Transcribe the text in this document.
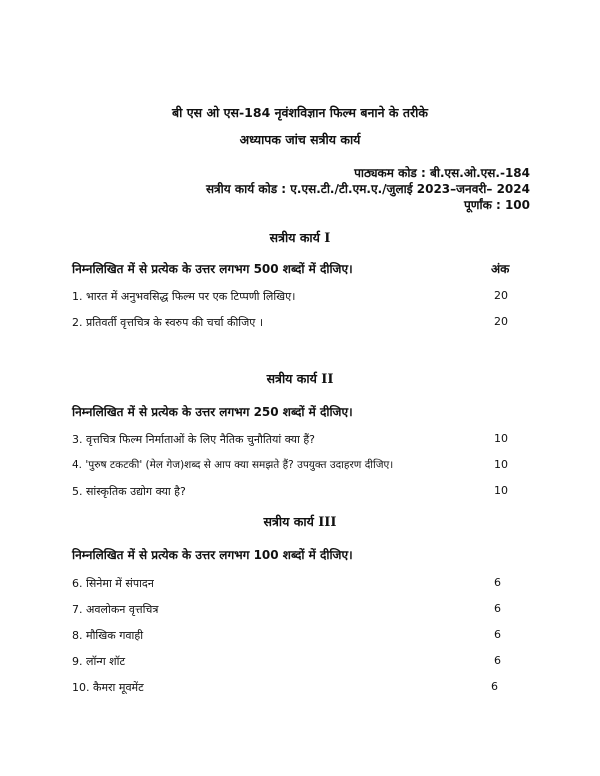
बी एस ओ एस-184 नृवंशविज्ञान फिल्म बनाने के तरीके
अध्यापक जांच सत्रीय कार्य
पाठ्यकम कोड : बी.एस.ओ.एस.-184
सत्रीय कार्य कोड : ए.एस.टी./टी.एम.ए./जुलाई 2023–जनवरी– 2024
पूर्णांक : 100
सत्रीय कार्य I
निम्नलिखित में से प्रत्येक के उत्तर लगभग 500 शब्दों में दीजिए।	अंक
1. भारत में अनुभवसिद्ध फिल्म पर एक टिप्पणी लिखिए।	20
2. प्रतिवर्ती वृत्तचित्र के स्वरुप की चर्चा कीजिए ।	20
सत्रीय कार्य II
निम्नलिखित में से प्रत्येक के उत्तर लगभग 250 शब्दों में दीजिए।
3. वृत्तचित्र फिल्म निर्माताओं के लिए नैतिक चुनौतियां क्या हैं?	10
4. 'पुरुष टकटकी' (मेल गेज)शब्द से आप क्या समझते हैं? उपयुक्त उदाहरण दीजिए।	10
5. सांस्कृतिक उद्योग क्या है?	10
सत्रीय कार्य III
निम्नलिखित में से प्रत्येक के उत्तर लगभग 100 शब्दों में दीजिए।
6. सिनेमा में संपादन	6
7. अवलोकन वृत्तचित्र	6
8. मौखिक गवाही	6
9. लॉन्ग शॉट	6
10. कैमरा मूवमेंट	6
